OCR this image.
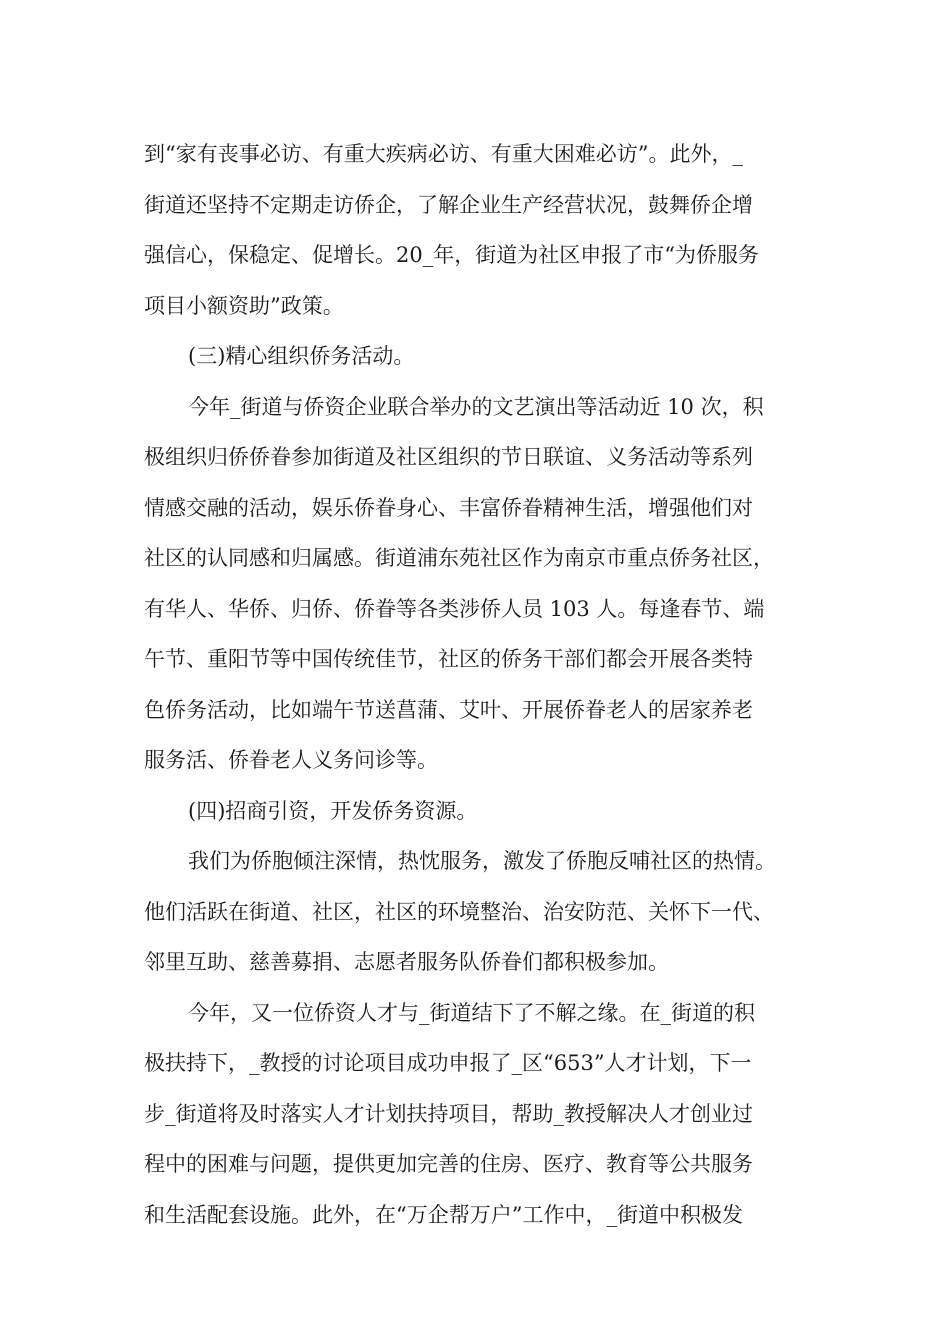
到“家有丧事必访、有重大疾病必访、有重大困难必访”。此外，_
街道还坚持不定期走访侨企，了解企业生产经营状况，鼓舞侨企增
强信心，保稳定、促增长。20_年，街道为社区申报了市“为侨服务
项目小额资助”政策。
(三)精心组织侨务活动。
今年_街道与侨资企业联合举办的文艺演出等活动近 10 次，积
极组织归侨侨眷参加街道及社区组织的节日联谊、义务活动等系列
情感交融的活动，娱乐侨眷身心、丰富侨眷精神生活，增强他们对
社区的认同感和归属感。街道浦东苑社区作为南京市重点侨务社区，
有华人、华侨、归侨、侨眷等各类涉侨人员 103 人。每逢春节、端
午节、重阳节等中国传统佳节，社区的侨务干部们都会开展各类特
色侨务活动，比如端午节送菖蒲、艾叶、开展侨眷老人的居家养老
服务活、侨眷老人义务问诊等。
(四)招商引资，开发侨务资源。
我们为侨胞倾注深情，热忱服务，激发了侨胞反哺社区的热情。
他们活跃在街道、社区，社区的环境整治、治安防范、关怀下一代、
邻里互助、慈善募捐、志愿者服务队侨眷们都积极参加。
今年，又一位侨资人才与_街道结下了不解之缘。在_街道的积
极扶持下，_教授的讨论项目成功申报了_区“653”人才计划，下一
步_街道将及时落实人才计划扶持项目，帮助_教授解决人才创业过
程中的困难与问题，提供更加完善的住房、医疗、教育等公共服务
和生活配套设施。此外，在“万企帮万户”工作中，_街道中积极发
